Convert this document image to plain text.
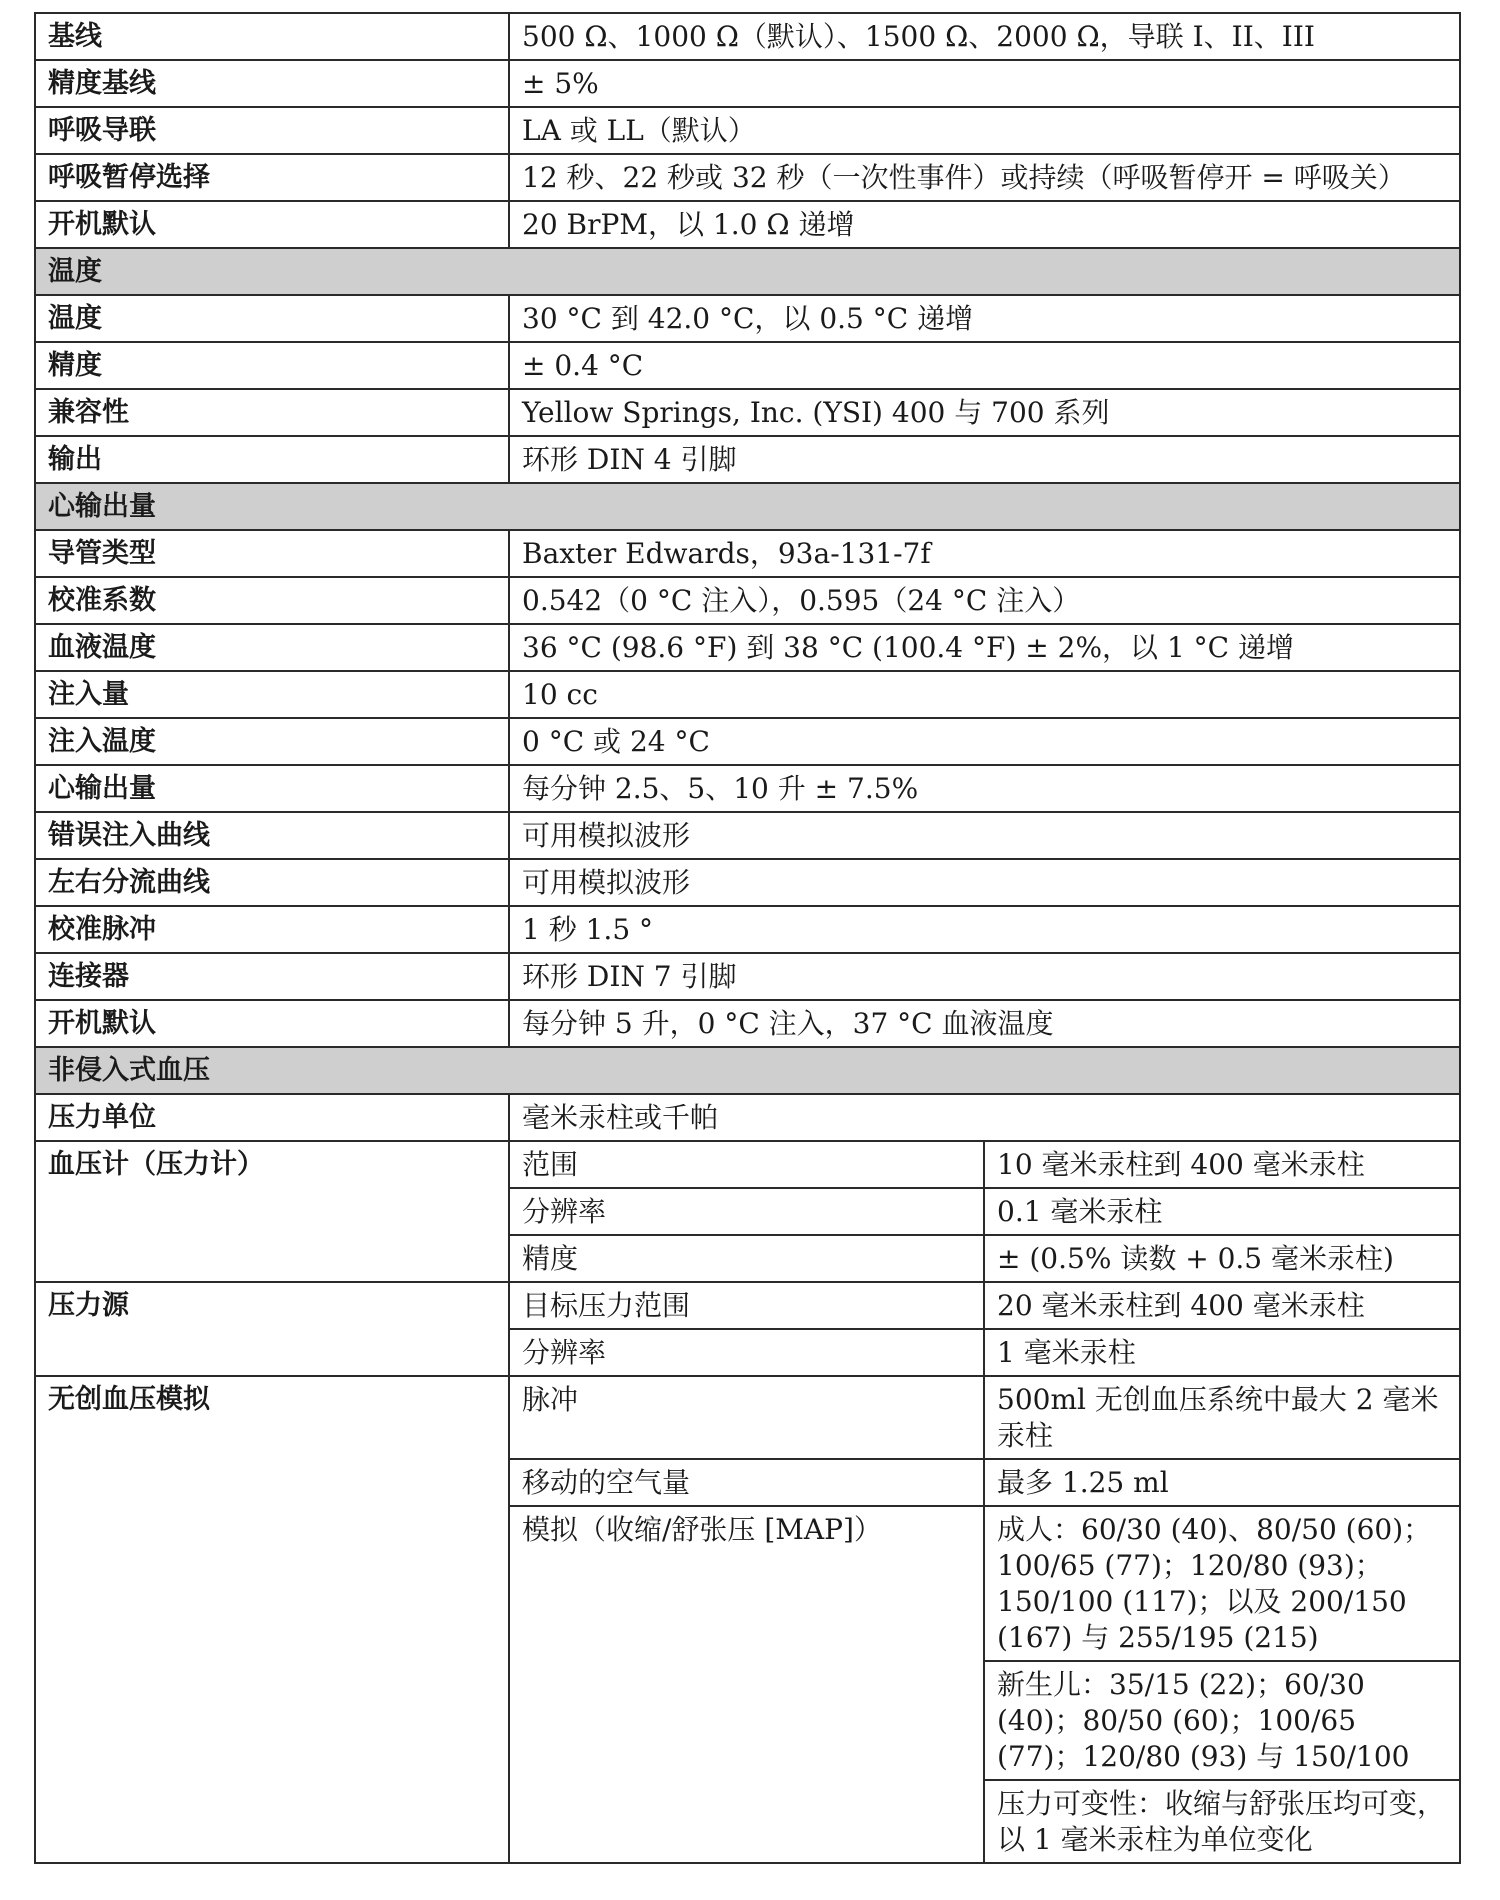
基线	500 Ω、1000 Ω（默认）、1500 Ω、2000 Ω，导联 I、II、III	
精度基线	± 5%	
呼吸导联	LA 或 LL（默认）	
呼吸暂停选择	12 秒、22 秒或 32 秒（一次性事件）或持续（呼吸暂停开 = 呼吸关）	
开机默认	20 BrPM，以 1.0 Ω 递增	
温度		
温度	30 °C 到 42.0 °C，以 0.5 °C 递增	
精度	± 0.4 °C	
兼容性	Yellow Springs, Inc. (YSI) 400 与 700 系列	
输出	环形 DIN 4 引脚	
心输出量		
导管类型	Baxter Edwards，93a-131-7f	
校准系数	0.542（0 °C 注入），0.595（24 °C 注入）	
血液温度	36 °C (98.6 °F) 到 38 °C (100.4 °F) ± 2%，以 1 °C 递增	
注入量	10 cc	
注入温度	0 °C 或 24 °C	
心输出量	每分钟 2.5、5、10 升 ± 7.5%	
错误注入曲线	可用模拟波形	
左右分流曲线	可用模拟波形	
校准脉冲	1 秒 1.5 °	
连接器	环形 DIN 7 引脚	
开机默认	每分钟 5 升，0 °C 注入，37 °C 血液温度	
非侵入式血压		
压力单位	毫米汞柱或千帕	
血压计（压力计）	范围	10 毫米汞柱到 400 毫米汞柱
	分辨率	0.1 毫米汞柱
	精度	± (0.5% 读数 + 0.5 毫米汞柱)
压力源	目标压力范围	20 毫米汞柱到 400 毫米汞柱
	分辨率	1 毫米汞柱
无创血压模拟	脉冲	500ml 无创血压系统中最大 2 毫米汞柱
	移动的空气量	最多 1.25 ml
	模拟（收缩/舒张压 [MAP]）	成人：60/30 (40)、80/50 (60)；100/65 (77)；120/80 (93)；150/100 (117)；以及 200/150 (167) 与 255/195 (215)
		新生儿：35/15 (22)；60/30 (40)；80/50 (60)；100/65 (77)；120/80 (93) 与 150/100
		压力可变性：收缩与舒张压均可变，以 1 毫米汞柱为单位变化
